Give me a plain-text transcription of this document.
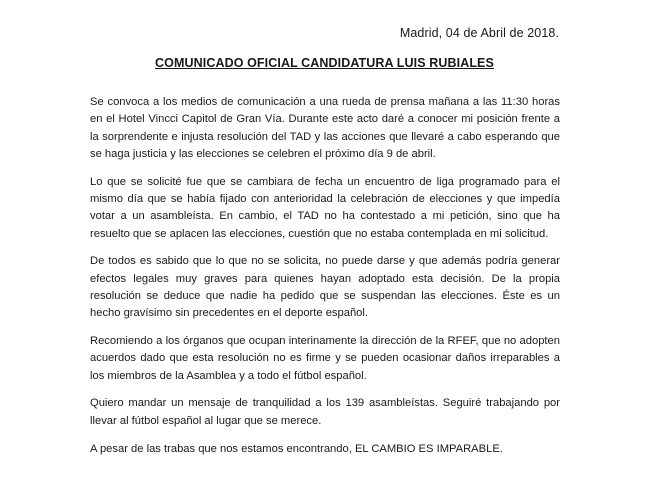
Madrid, 04 de Abril de 2018.
COMUNICADO OFICIAL CANDIDATURA LUIS RUBIALES

Se convoca a los medios de comunicación a una rueda de prensa mañana a las 11:30 horas en el Hotel Vincci Capitol de Gran Vía. Durante este acto daré a conocer mi posición frente a la sorprendente e injusta resolución del TAD y las acciones que llevaré a cabo esperando que se haga justicia y las elecciones se celebren el próximo día 9 de abril.

Lo que se solicité fue que se cambiara de fecha un encuentro de liga programado para el mismo día que se había fijado con anterioridad la celebración de elecciones y que impedía votar a un asambleísta. En cambio, el TAD no ha contestado a mi petición, sino que ha resuelto que se aplacen las elecciones, cuestión que no estaba contemplada en mi solicitud.

De todos es sabido que lo que no se solicita, no puede darse y que además podría generar efectos legales muy graves para quienes hayan adoptado esta decisión. De la propia resolución se deduce que nadie ha pedido que se suspendan las elecciones. Éste es un hecho gravísimo sin precedentes en el deporte español.

Recomiendo a los órganos que ocupan interinamente la dirección de la RFEF, que no adopten acuerdos dado que esta resolución no es firme y se pueden ocasionar daños irreparables a los miembros de la Asamblea y a todo el fútbol español.

Quiero mandar un mensaje de tranquilidad a los 139 asambleístas. Seguiré trabajando por llevar al fútbol español al lugar que se merece.

A pesar de las trabas que nos estamos encontrando, EL CAMBIO ES IMPARABLE.
